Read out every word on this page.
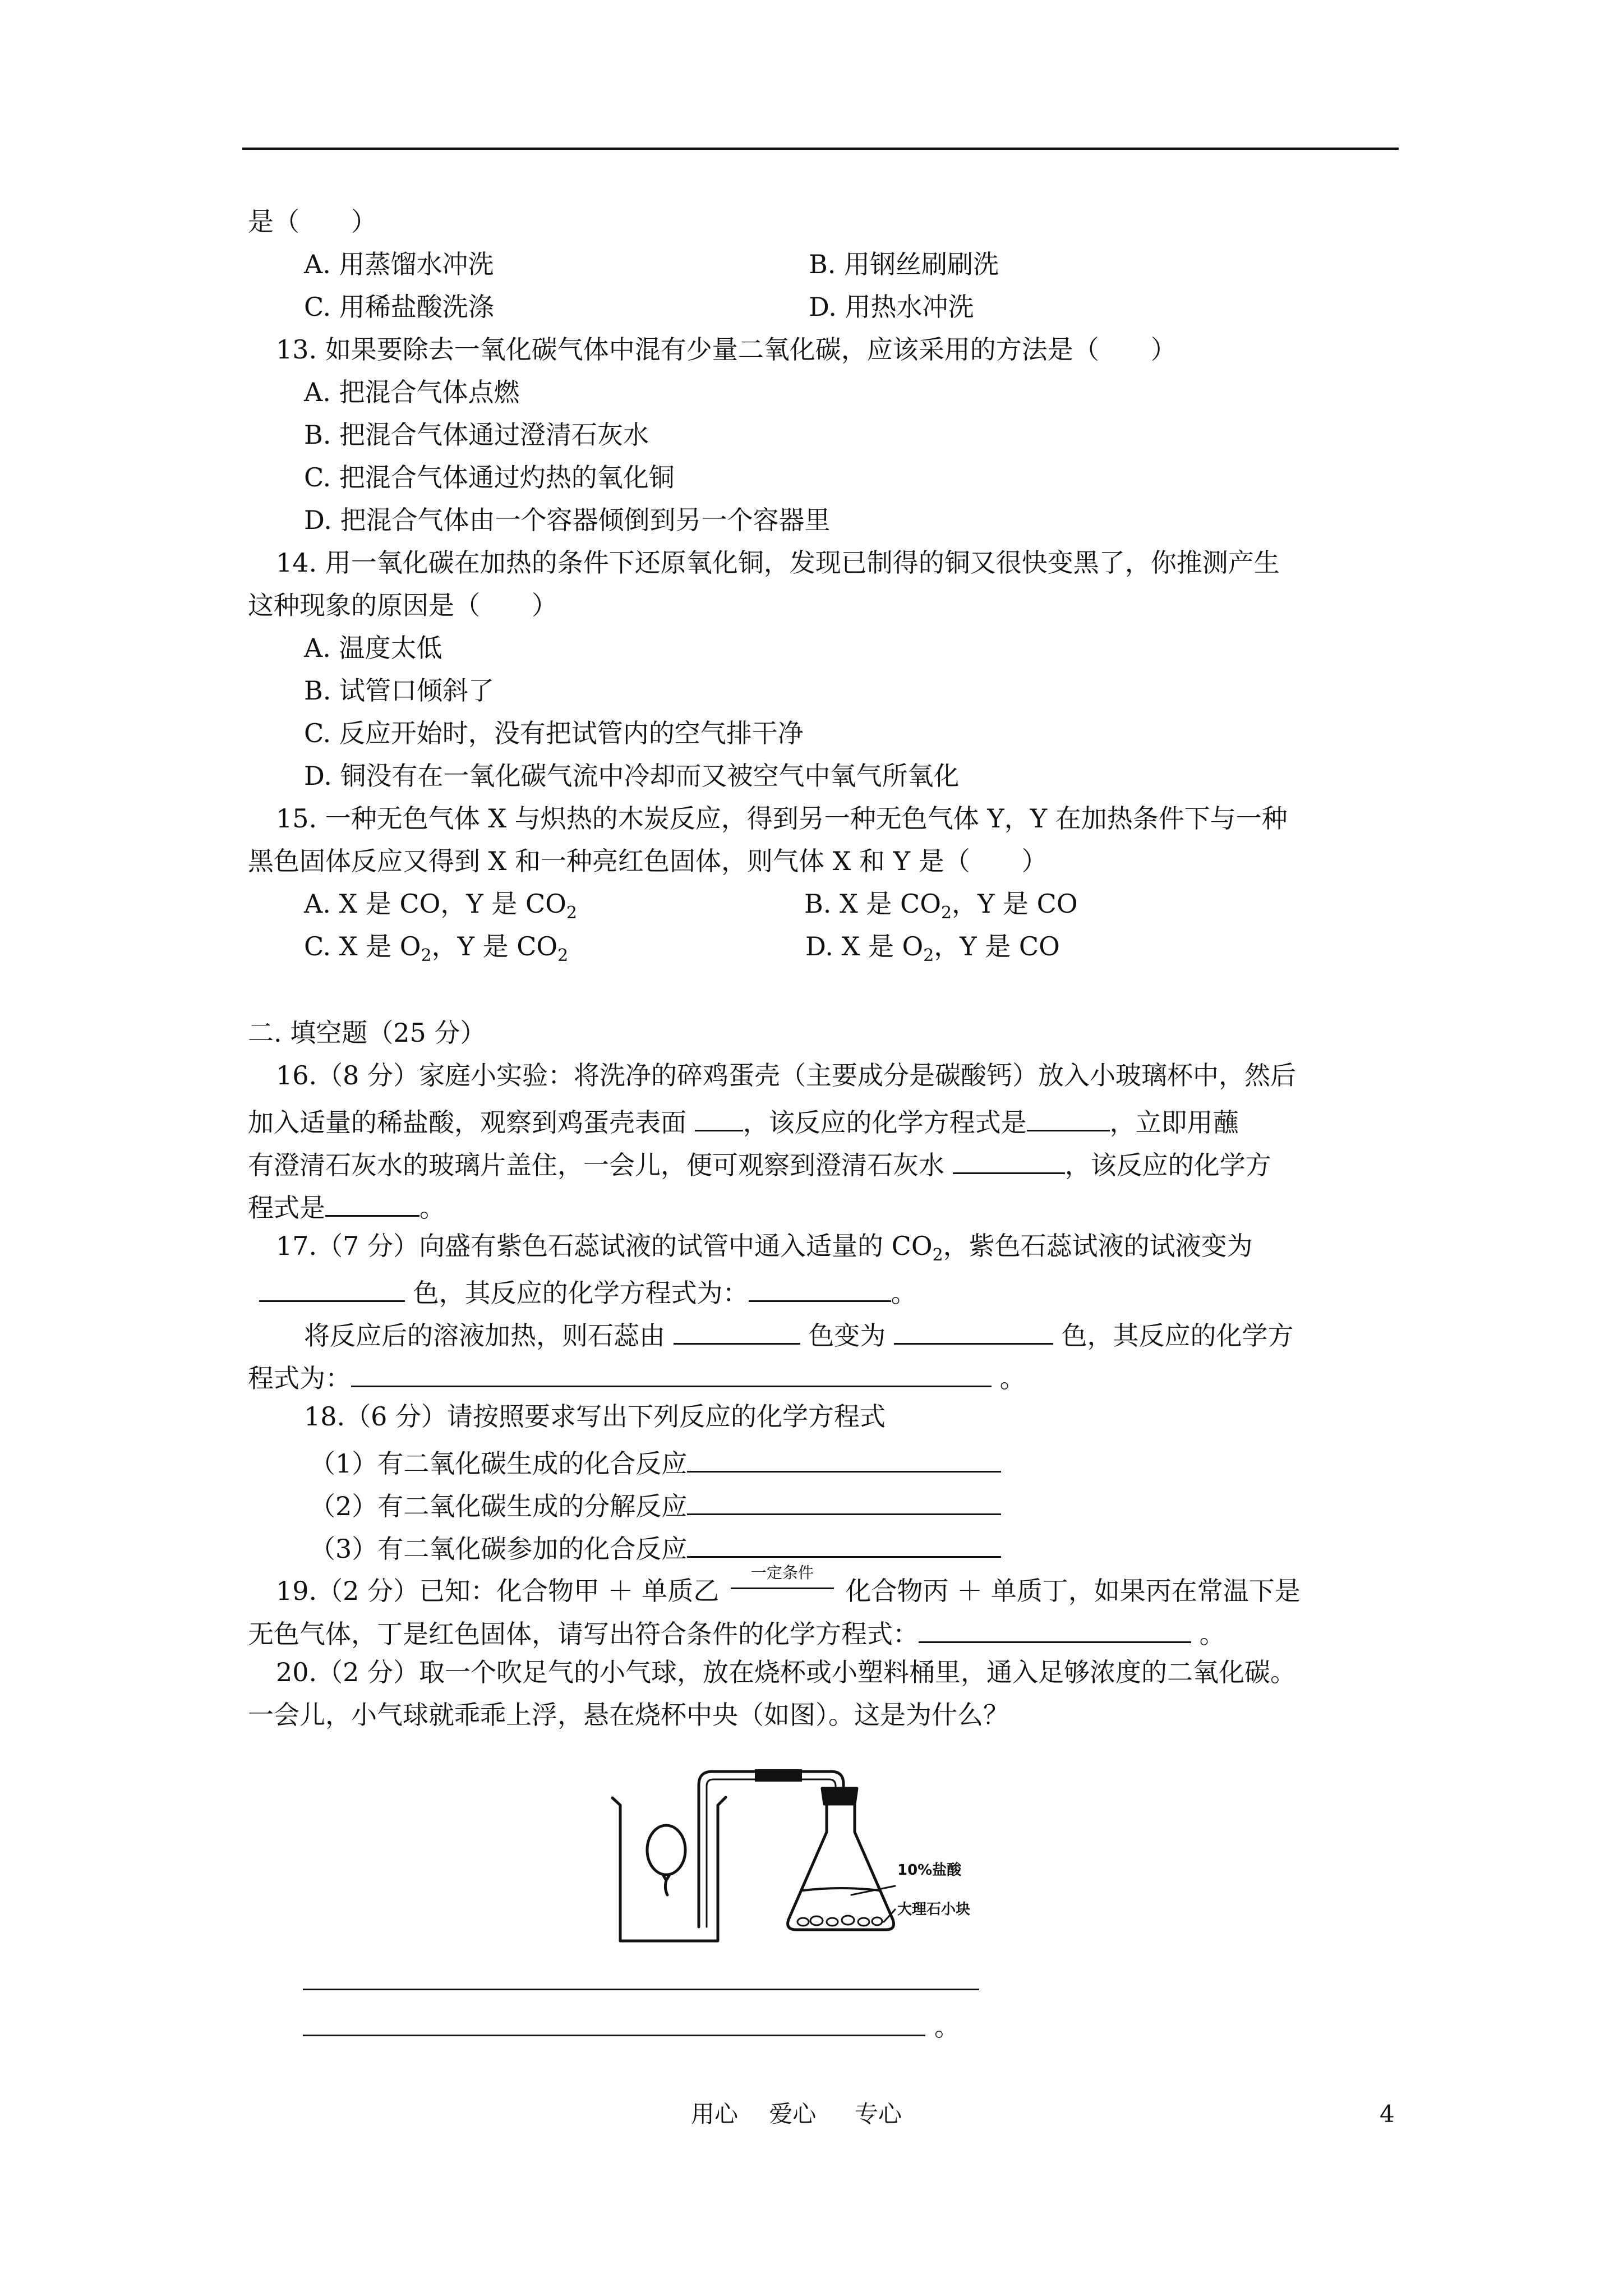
是（　　）
A. 用蒸馏水冲洗	B. 用钢丝刷刷洗
C. 用稀盐酸洗涤	D. 用热水冲洗
13. 如果要除去一氧化碳气体中混有少量二氧化碳，应该采用的方法是（　　）
A. 把混合气体点燃
B. 把混合气体通过澄清石灰水
C. 把混合气体通过灼热的氧化铜
D. 把混合气体由一个容器倾倒到另一个容器里
14. 用一氧化碳在加热的条件下还原氧化铜，发现已制得的铜又很快变黑了，你推测产生
这种现象的原因是（　　）
A. 温度太低
B. 试管口倾斜了
C. 反应开始时，没有把试管内的空气排干净
D. 铜没有在一氧化碳气流中冷却而又被空气中氧气所氧化
15. 一种无色气体 X 与炽热的木炭反应，得到另一种无色气体 Y，Y 在加热条件下与一种
黑色固体反应又得到 X 和一种亮红色固体，则气体 X 和 Y 是（　　）
A. X 是 CO，Y 是 $CO_2$	B. X 是 $CO_2$，Y 是 CO
C. X 是 $O_2$，Y 是 $CO_2$	D. X 是 $O_2$，Y 是 CO
二. 填空题（25 分）
16.（8 分）家庭小实验：将洗净的碎鸡蛋壳（主要成分是碳酸钙）放入小玻璃杯中，然后
加入适量的稀盐酸，观察到鸡蛋壳表面 ，该反应的化学方程式是	，立即用蘸
有澄清石灰水的玻璃片盖住，一会儿，便可观察到澄清石灰水	，该反应的化学方
程式是	。
17.（7 分）向盛有紫色石蕊试液的试管中通入适量的 $CO_2$，紫色石蕊试液的试液变为
色，其反应的化学方程式为：	。
将反应后的溶液加热，则石蕊由	色变为	色，其反应的化学方
程式为：	。
18.（6 分）请按照要求写出下列反应的化学方程式
（1）有二氧化碳生成的化合反应
（2）有二氧化碳生成的分解反应
（3）有二氧化碳参加的化合反应
19.（2 分）已知：化合物甲 ＋ 单质乙
一定条件
化合物丙 ＋ 单质丁，如果丙在常温下是
无色气体，丁是红色固体，请写出符合条件的化学方程式：	。
20.（2 分）取一个吹足气的小气球，放在烧杯或小塑料桶里，通入足够浓度的二氧化碳。
一会儿，小气球就乖乖上浮，悬在烧杯中央（如图）。这是为什么？
10%盐酸
大理石小块
。
用心　 爱心 　 专心	4
